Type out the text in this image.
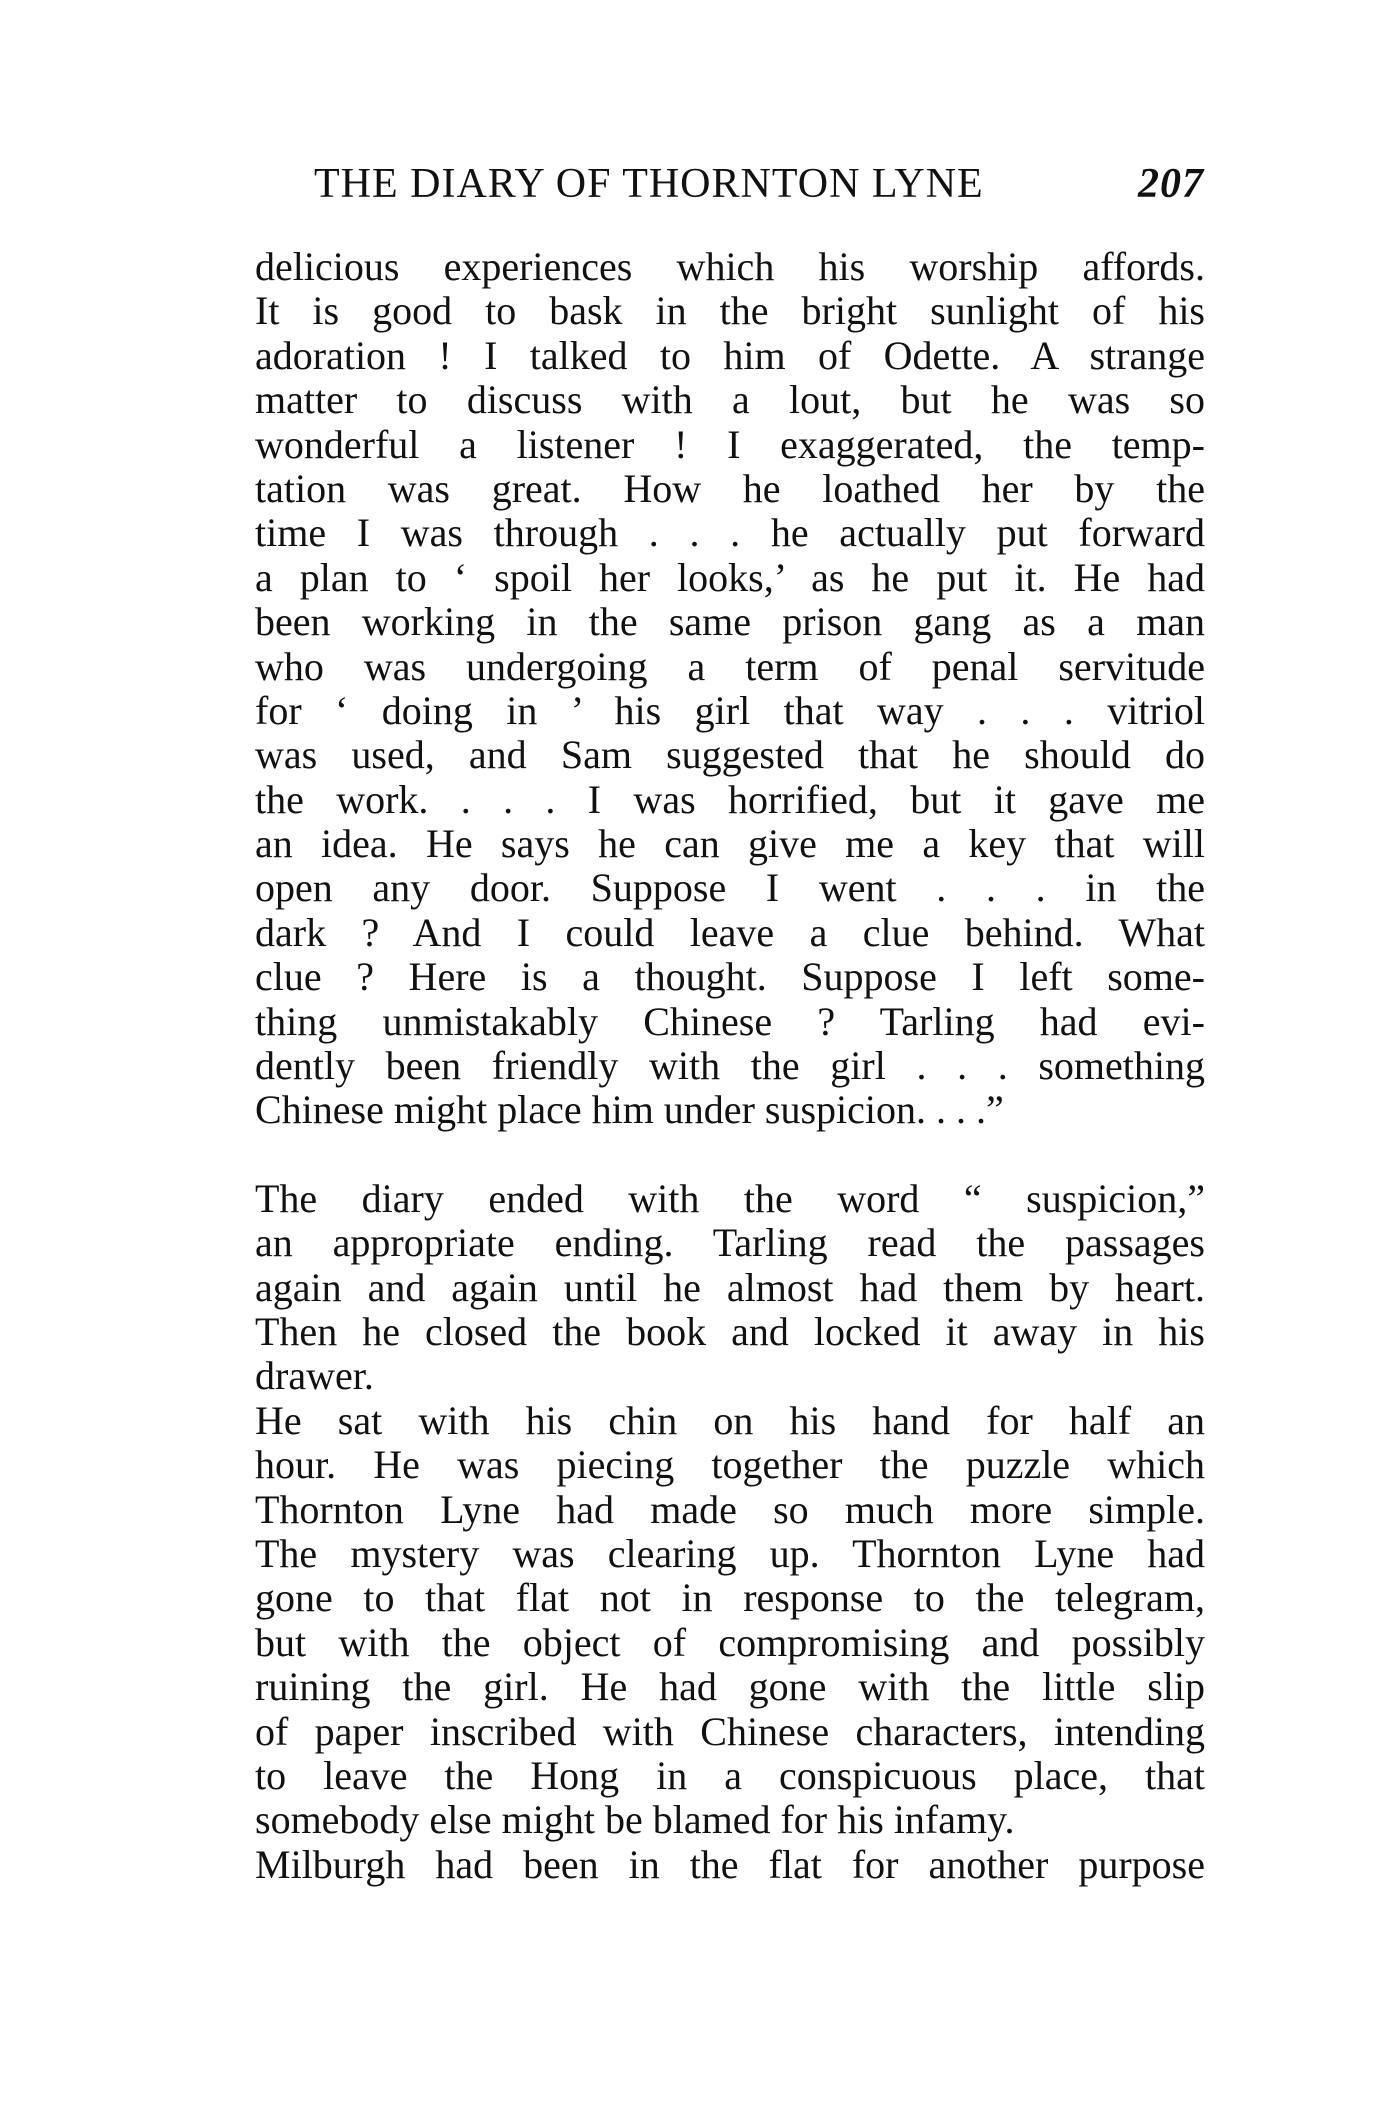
THE DIARY OF THORNTON LYNE	207
delicious experiences which his worship affords.
It is good to bask in the bright sunlight of his
adoration ! I talked to him of Odette. A strange
matter to discuss with a lout, but he was so
wonderful a listener ! I exaggerated, the temp-
tation was great. How he loathed her by the
time I was through . . . he actually put forward
a plan to ‘ spoil her looks,’ as he put it. He had
been working in the same prison gang as a man
who was undergoing a term of penal servitude
for ‘ doing in ’ his girl that way . . . vitriol
was used, and Sam suggested that he should do
the work. . . . I was horrified, but it gave me
an idea. He says he can give me a key that will
open any door. Suppose I went . . . in the
dark ? And I could leave a clue behind. What
clue ? Here is a thought. Suppose I left some-
thing unmistakably Chinese ? Tarling had evi-
dently been friendly with the girl . . . something
Chinese might place him under suspicion. . . .”
The diary ended with the word “ suspicion,”
an appropriate ending. Tarling read the passages
again and again until he almost had them by heart.
Then he closed the book and locked it away in his
drawer.
He sat with his chin on his hand for half an
hour. He was piecing together the puzzle which
Thornton Lyne had made so much more simple.
The mystery was clearing up. Thornton Lyne had
gone to that flat not in response to the telegram,
but with the object of compromising and possibly
ruining the girl. He had gone with the little slip
of paper inscribed with Chinese characters, intending
to leave the Hong in a conspicuous place, that
somebody else might be blamed for his infamy.
Milburgh had been in the flat for another purpose
